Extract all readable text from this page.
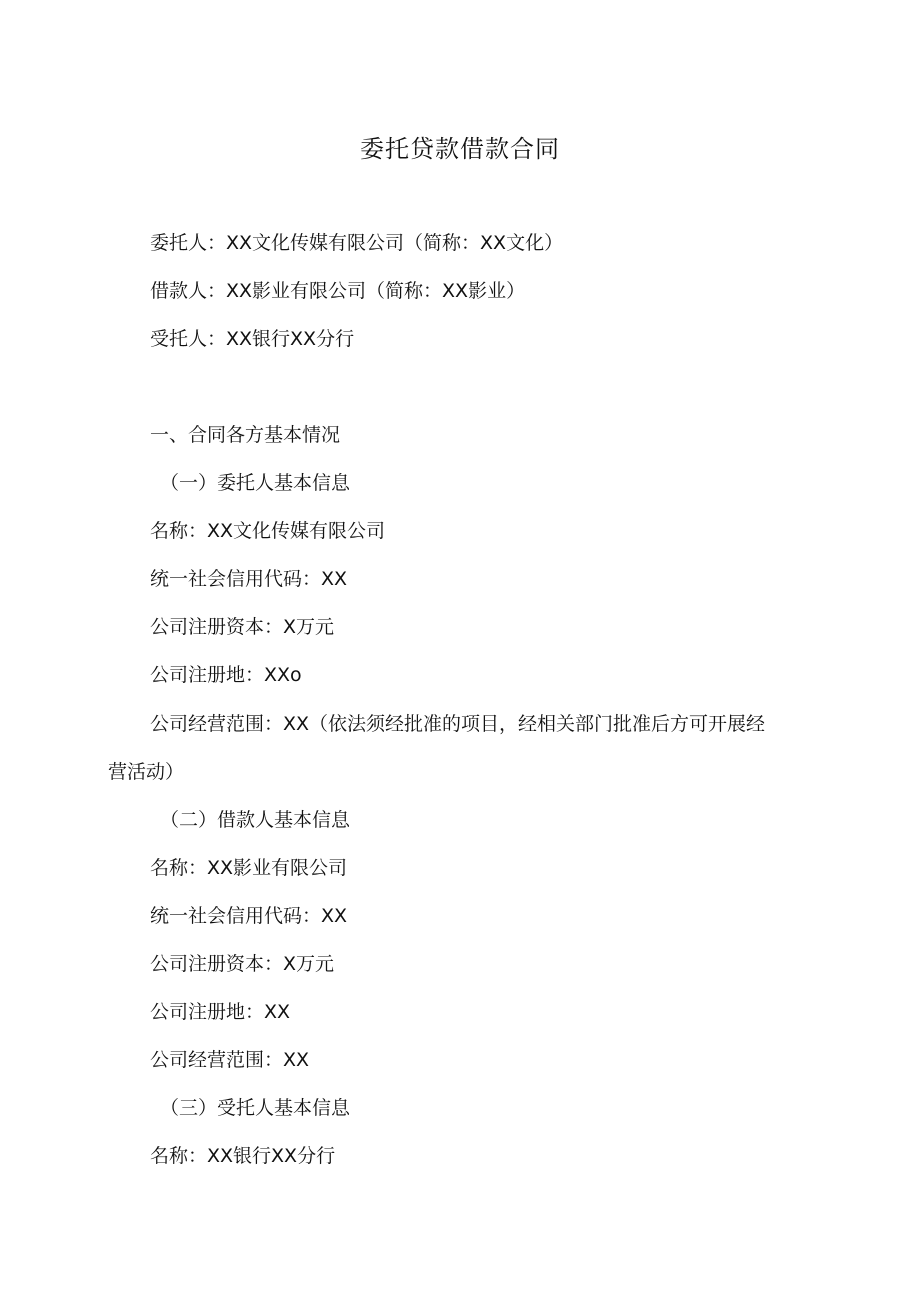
委托贷款借款合同
委托人：XX文化传媒有限公司（简称：XX文化）
借款人：XX影业有限公司（简称：XX影业）
受托人：XX银行XX分行
一、合同各方基本情况
（一）委托人基本信息
名称：XX文化传媒有限公司
统一社会信用代码：XX
公司注册资本：X万元
公司注册地：XXo
公司经营范围：XX（依法须经批准的项目，经相关部门批准后方可开展经
营活动）
（二）借款人基本信息
名称：XX影业有限公司
统一社会信用代码：XX
公司注册资本：X万元
公司注册地：XX
公司经营范围：XX
（三）受托人基本信息
名称：XX银行XX分行
